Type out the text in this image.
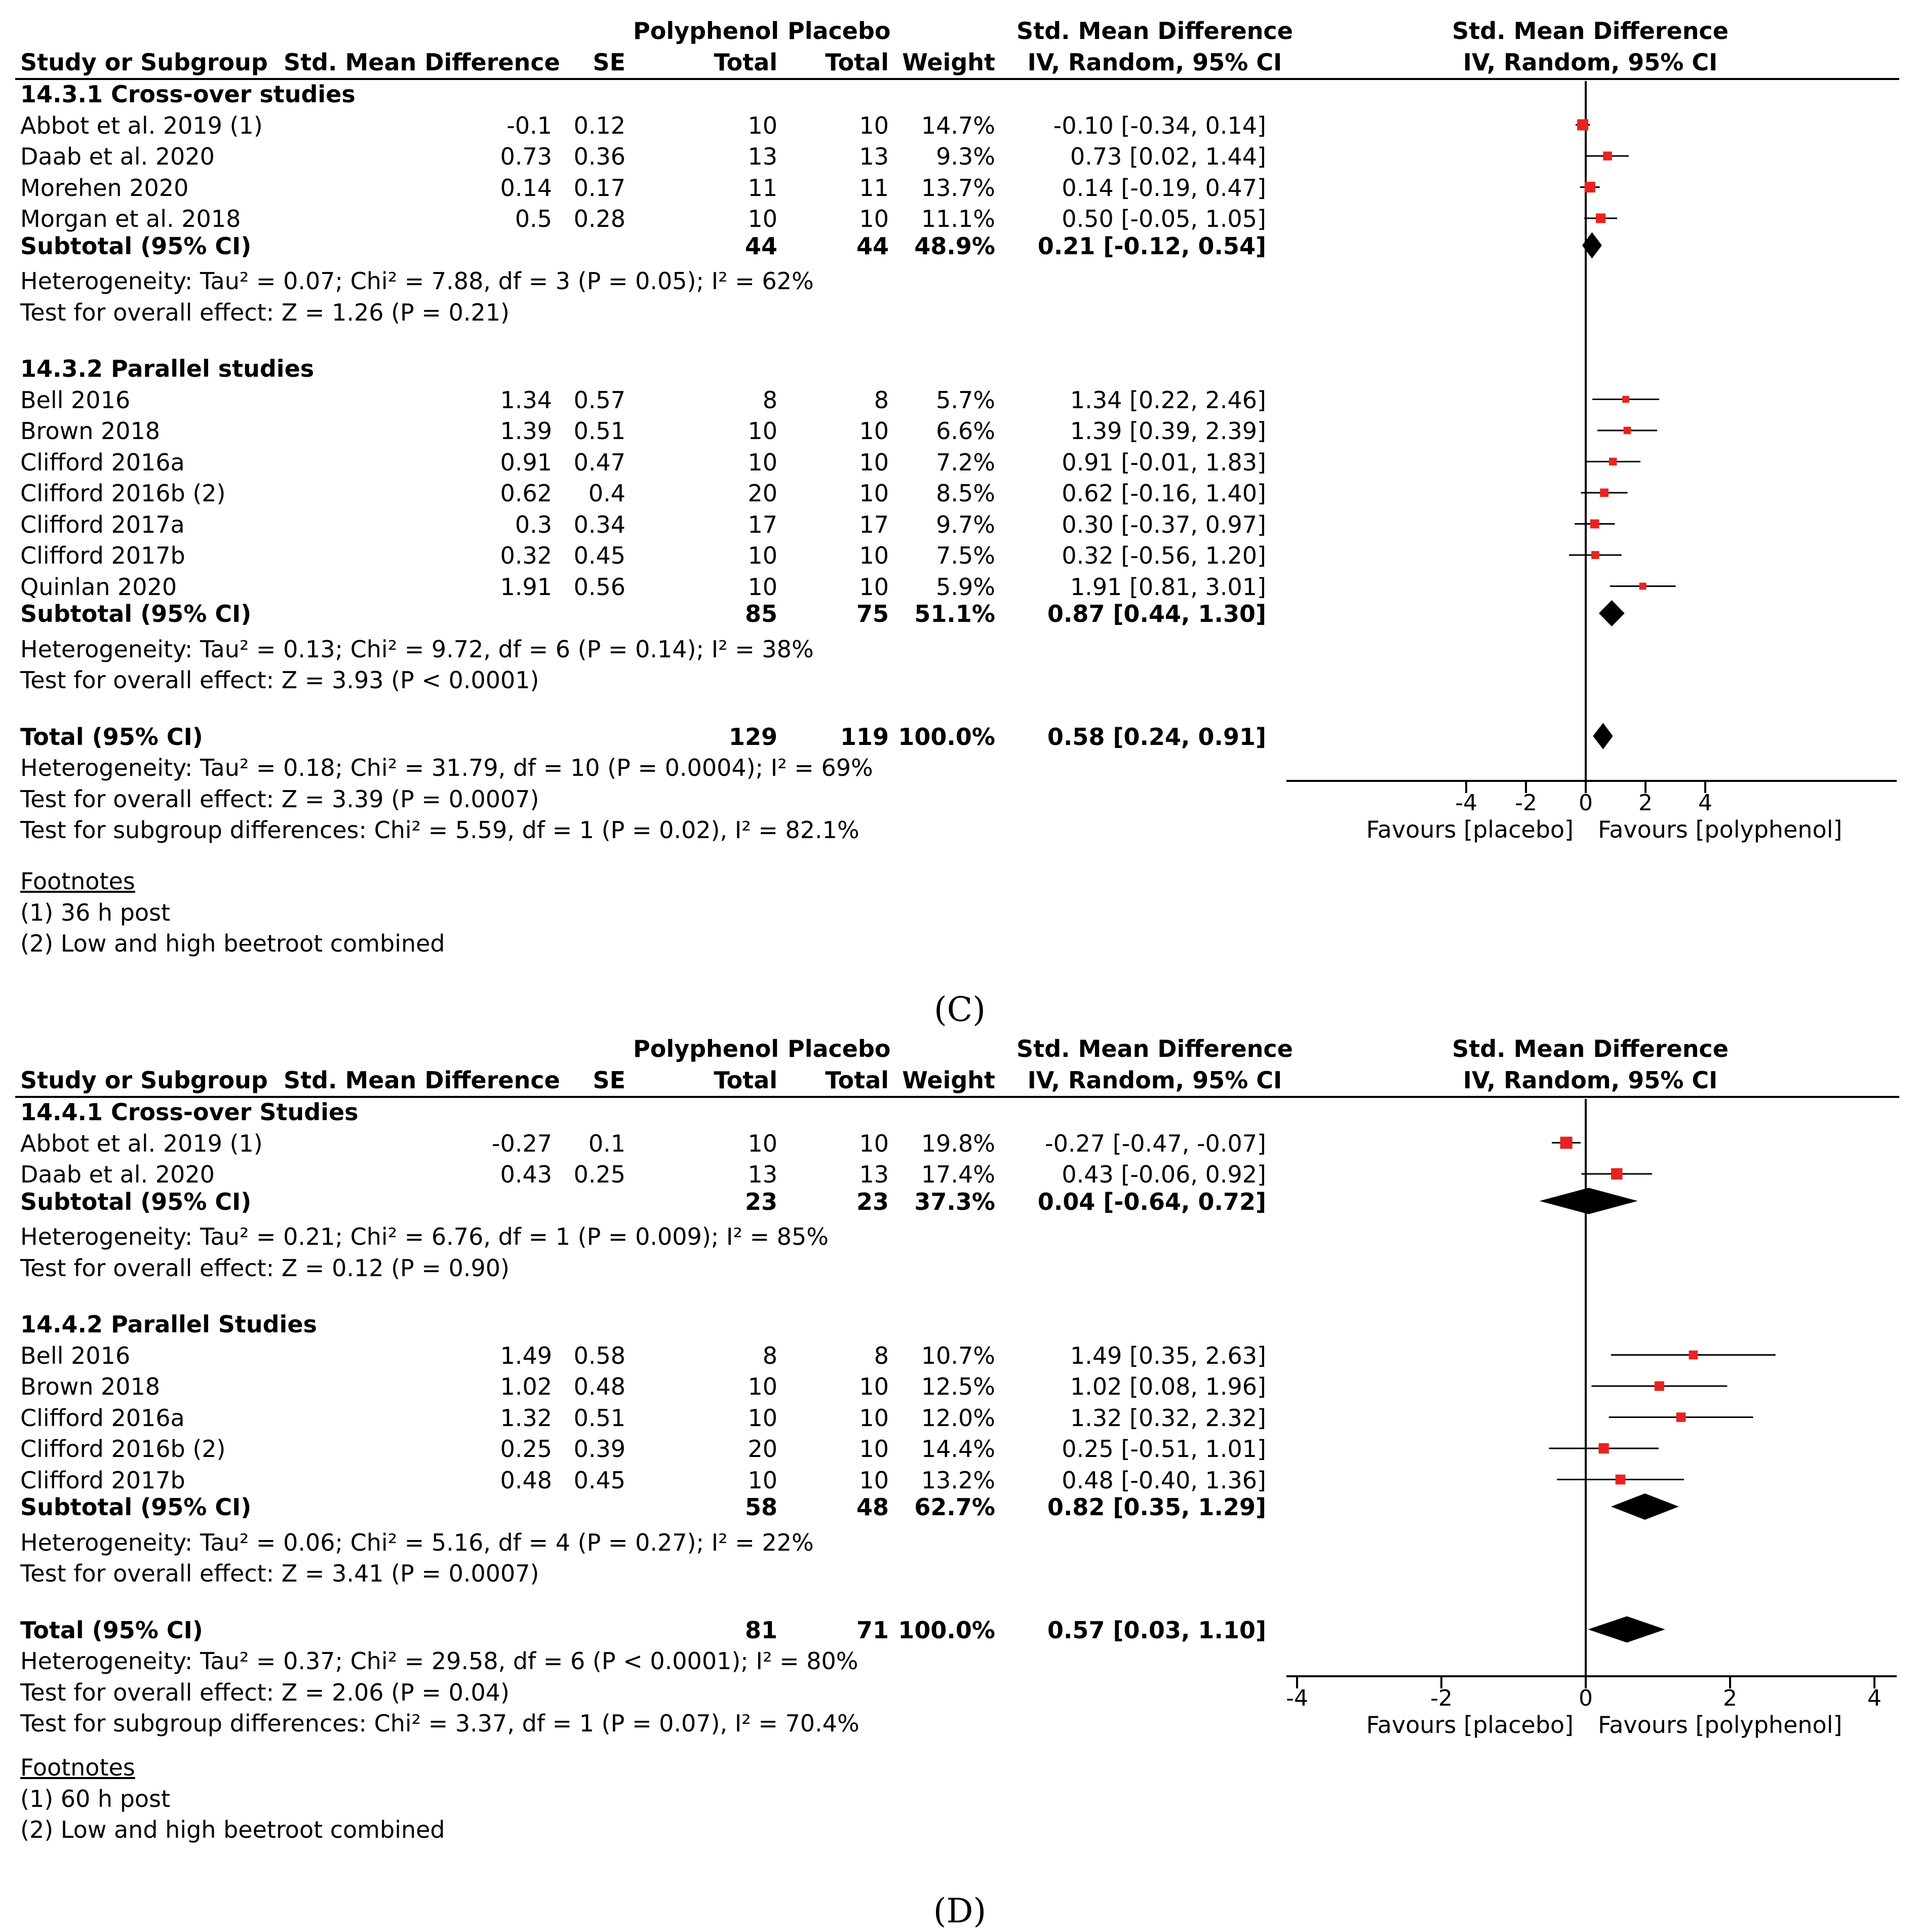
Polyphenol Placebo	Std. Mean Difference	Std. Mean Difference
Study or Subgroup Std. Mean Difference	SE	Total	Total Weight	IV, Random, 95% CI	IV, Random, 95% CI
14.3.1 Cross-over studies
Abbot et al. 2019 (1)	-0.1 0.12	10	10	14.7%	-0.10 [-0.34, 0.14]
Daab et al. 2020	0.73 0.36	13	13	9.3%	0.73 [0.02, 1.44]
Morehen 2020	0.14 0.17	11	11	13.7%	0.14 [-0.19, 0.47]
Morgan et al. 2018	0.5 0.28	10	10	11.1%	0.50 [-0.05, 1.05]
Subtotal (95% CI)	44	44	48.9%	0.21 [-0.12, 0.54]
Heterogeneity: Tau² = 0.07; Chi² = 7.88, df = 3 (P = 0.05); I² = 62%
Test for overall effect: Z = 1.26 (P = 0.21)
14.3.2 Parallel studies
Bell 2016	1.34 0.57	8	8	5.7%	1.34 [0.22, 2.46]
Brown 2018	1.39 0.51	10	10	6.6%	1.39 [0.39, 2.39]
Clifford 2016a	0.91 0.47	10	10	7.2%	0.91 [-0.01, 1.83]
Clifford 2016b (2)	0.62	0.4	20	10	8.5%	0.62 [-0.16, 1.40]
Clifford 2017a	0.3 0.34	17	17	9.7%	0.30 [-0.37, 0.97]
Clifford 2017b	0.32 0.45	10	10	7.5%	0.32 [-0.56, 1.20]
Quinlan 2020	1.91 0.56	10	10	5.9%	1.91 [0.81, 3.01]
Subtotal (95% CI)	85	75	51.1%	0.87 [0.44, 1.30]
Heterogeneity: Tau² = 0.13; Chi² = 9.72, df = 6 (P = 0.14); I² = 38%
Test for overall effect: Z = 3.93 (P < 0.0001)
Total (95% CI)	129	119 100.0%	0.58 [0.24, 0.91]
Heterogeneity: Tau² = 0.18; Chi² = 31.79, df = 10 (P = 0.0004); I² = 69%
Test for overall effect: Z = 3.39 (P = 0.0007)
Test for subgroup differences: Chi² = 5.59, df = 1 (P = 0.02), I² = 82.1%
-4 -2 0 2 4
Favours [placebo] Favours [polyphenol]
Footnotes
(1) 36 h post
(2) Low and high beetroot combined
(C)
Polyphenol Placebo	Std. Mean Difference	Std. Mean Difference
Study or Subgroup Std. Mean Difference	SE	Total	Total Weight	IV, Random, 95% CI	IV, Random, 95% CI
14.4.1 Cross-over Studies
Abbot et al. 2019 (1)	-0.27	0.1	10	10	19.8%	-0.27 [-0.47, -0.07]
Daab et al. 2020	0.43 0.25	13	13	17.4%	0.43 [-0.06, 0.92]
Subtotal (95% CI)	23	23	37.3%	0.04 [-0.64, 0.72]
Heterogeneity: Tau² = 0.21; Chi² = 6.76, df = 1 (P = 0.009); I² = 85%
Test for overall effect: Z = 0.12 (P = 0.90)
14.4.2 Parallel Studies
Bell 2016	1.49 0.58	8	8	10.7%	1.49 [0.35, 2.63]
Brown 2018	1.02 0.48	10	10	12.5%	1.02 [0.08, 1.96]
Clifford 2016a	1.32 0.51	10	10	12.0%	1.32 [0.32, 2.32]
Clifford 2016b (2)	0.25 0.39	20	10	14.4%	0.25 [-0.51, 1.01]
Clifford 2017b	0.48 0.45	10	10	13.2%	0.48 [-0.40, 1.36]
Subtotal (95% CI)	58	48	62.7%	0.82 [0.35, 1.29]
Heterogeneity: Tau² = 0.06; Chi² = 5.16, df = 4 (P = 0.27); I² = 22%
Test for overall effect: Z = 3.41 (P = 0.0007)
Total (95% CI)	81	71 100.0%	0.57 [0.03, 1.10]
Heterogeneity: Tau² = 0.37; Chi² = 29.58, df = 6 (P < 0.0001); I² = 80%
Test for overall effect: Z = 2.06 (P = 0.04)
Test for subgroup differences: Chi² = 3.37, df = 1 (P = 0.07), I² = 70.4%
-4	-2	0	2	4
Favours [placebo] Favours [polyphenol]
Footnotes
(1) 60 h post
(2) Low and high beetroot combined
(D)
